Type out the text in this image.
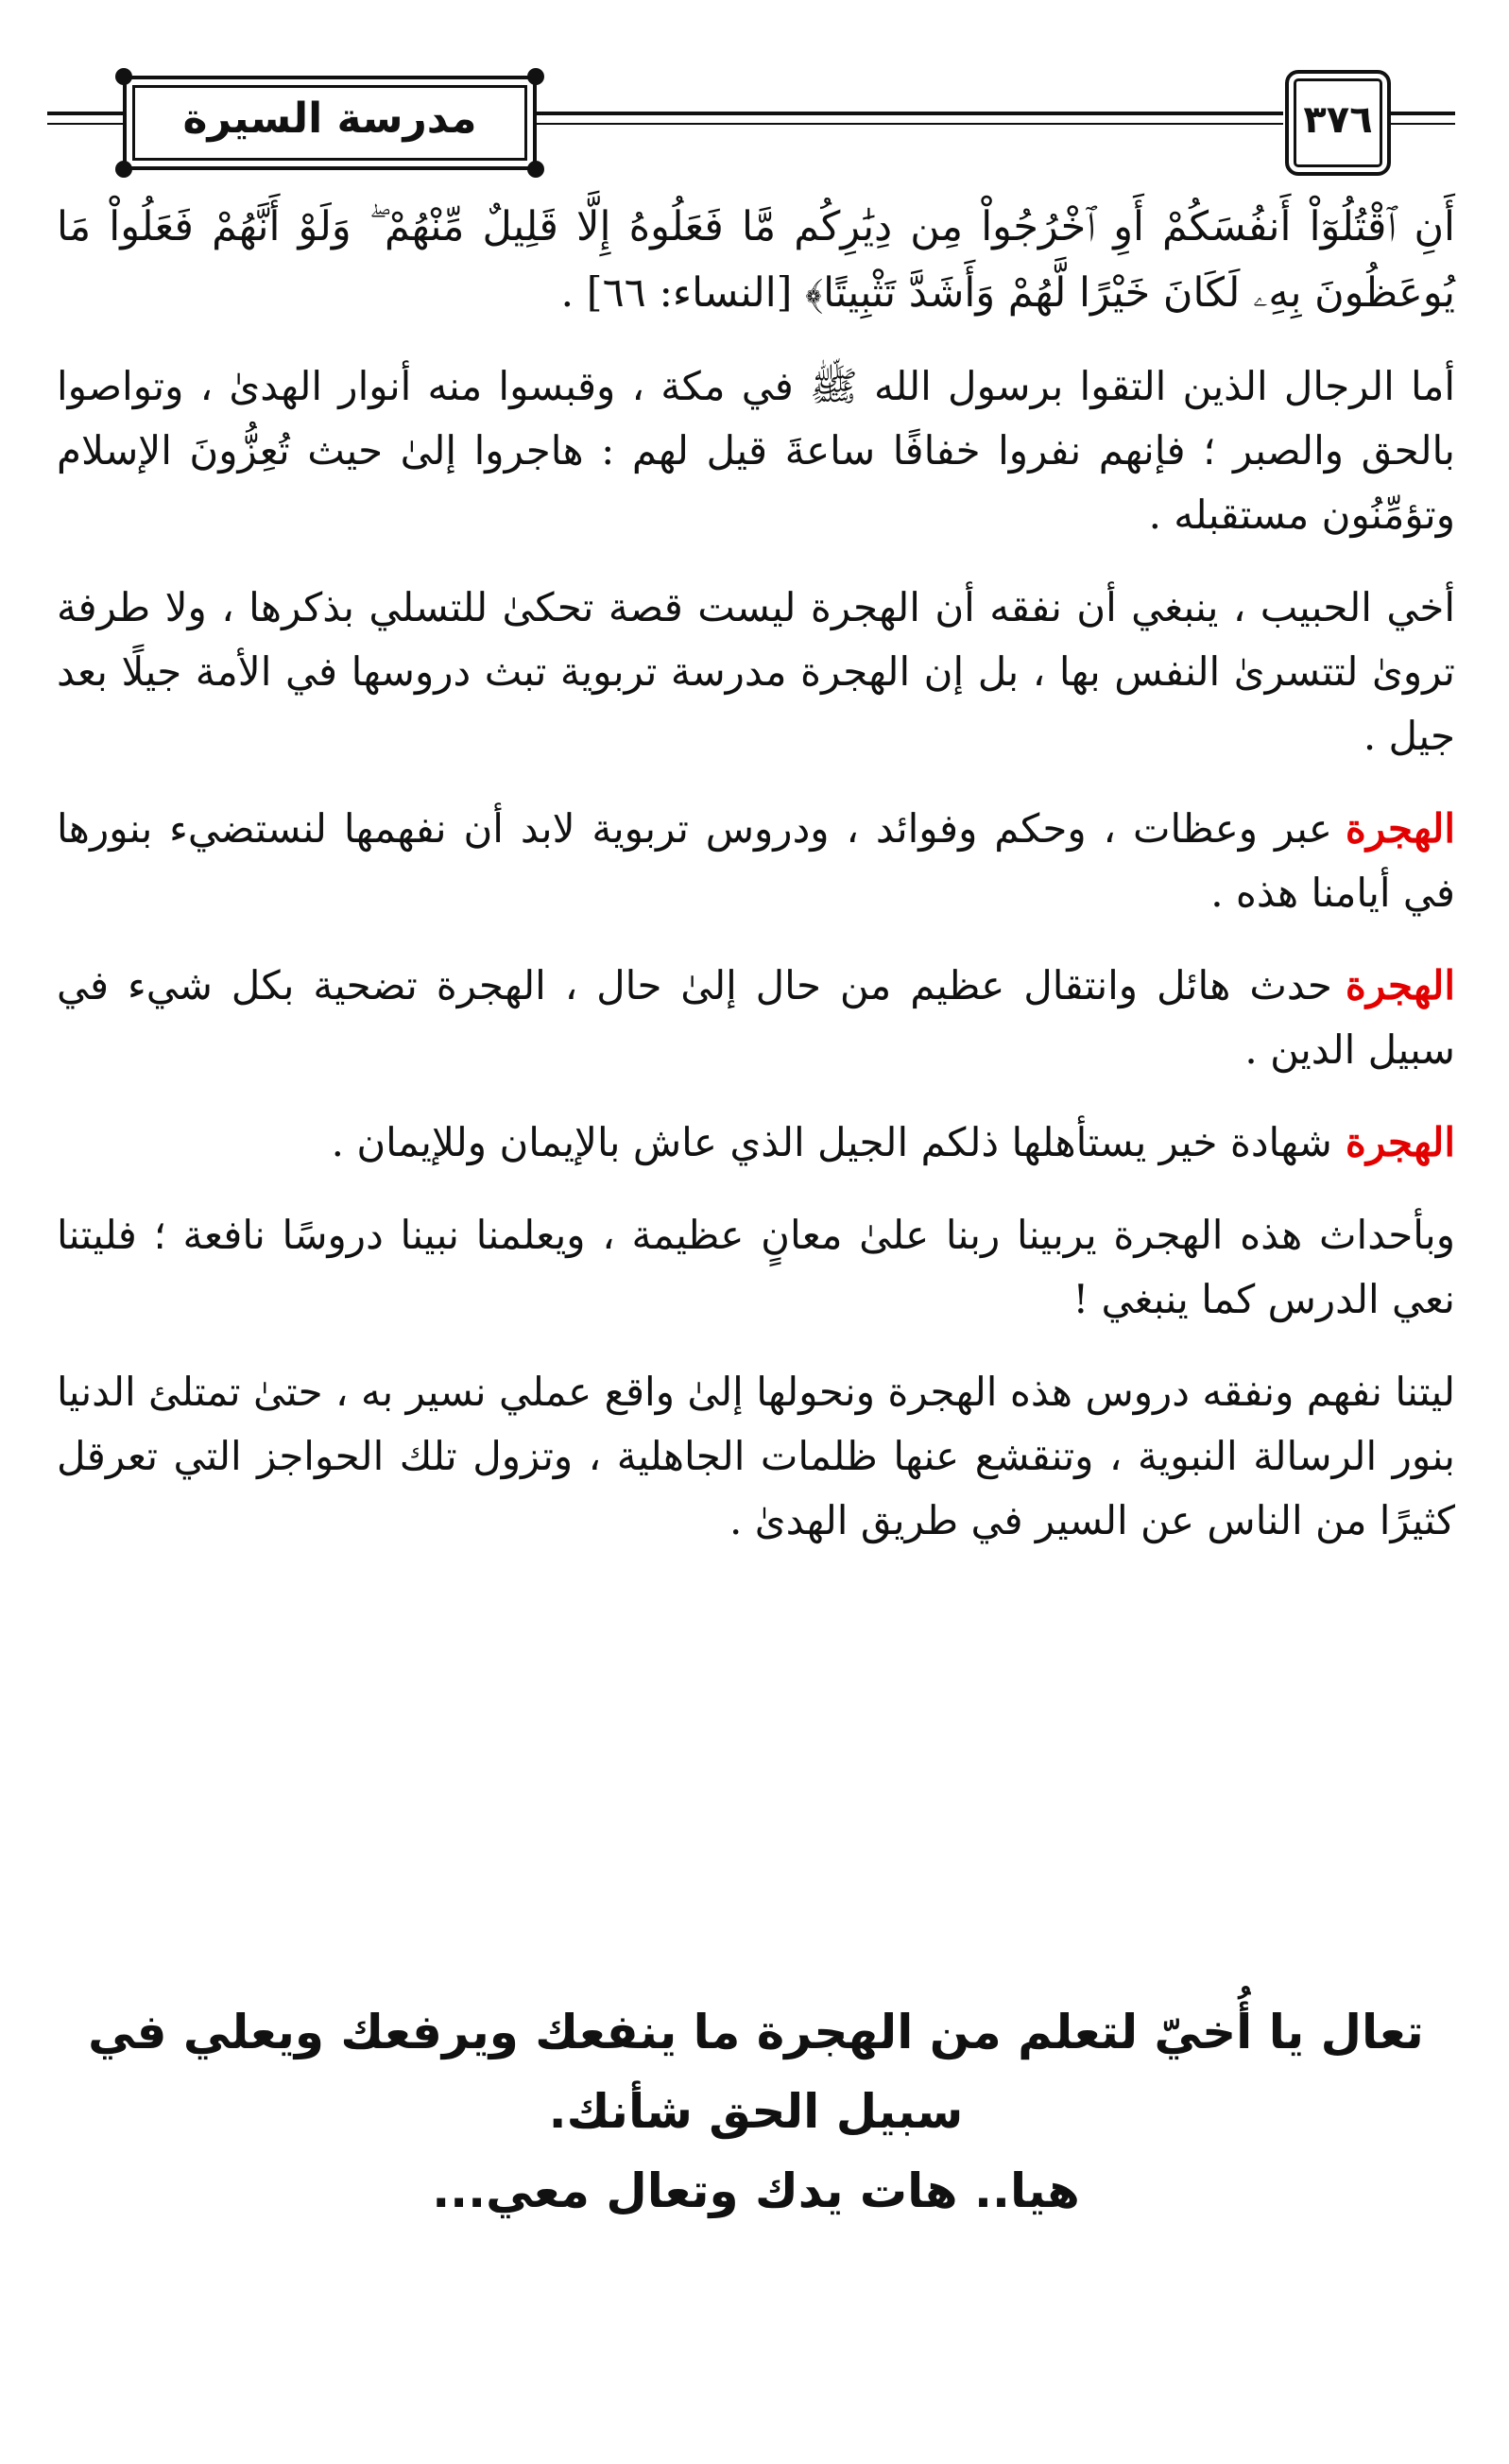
مدرسة السيرة	٣٧٦

أَنِ ٱقْتُلُوٓاْ أَنفُسَكُمْ أَوِ ٱخْرُجُواْ مِن دِيَٰرِكُم مَّا فَعَلُوهُ إِلَّا قَلِيلٌ مِّنْهُمْ ۖ وَلَوْ أَنَّهُمْ فَعَلُواْ مَا يُوعَظُونَ بِهِۦ لَكَانَ خَيْرًا لَّهُمْ وَأَشَدَّ تَثْبِيتًا﴾ [النساء: ٦٦] .

أما الرجال الذين التقوا برسول الله ﷺ في مكة ، وقبسوا منه أنوار الهدىٰ ، وتواصوا بالحق والصبر ؛ فإنهم نفروا خفافًا ساعةَ قيل لهم : هاجروا إلىٰ حيث تُعِزُّونَ الإسلام وتؤمِّنُون مستقبله .

أخي الحبيب ، ينبغي أن نفقه أن الهجرة ليست قصة تحكىٰ للتسلي بذكرها ، ولا طرفة تروىٰ لتتسرىٰ النفس بها ، بل إن الهجرة مدرسة تربوية تبث دروسها في الأمة جيلًا بعد جيل .

الهجرةعبر وعظات ، وحكم وفوائد ، ودروس تربوية لابد أن نفهمها لنستضيء بنورها في أيامنا هذه .

الهجرةحدث هائل وانتقال عظيم من حال إلىٰ حال ، الهجرة تضحية بكل شيء في سبيل الدين .

الهجرةشهادة خير يستأهلها ذلكم الجيل الذي عاش بالإيمان وللإيمان .

وبأحداث هذه الهجرة يربينا ربنا علىٰ معانٍ عظيمة ، ويعلمنا نبينا دروسًا نافعة ؛ فليتنا نعي الدرس كما ينبغي !

ليتنا نفهم ونفقه دروس هذه الهجرة ونحولها إلىٰ واقع عملي نسير به ، حتىٰ تمتلئ الدنيا بنور الرسالة النبوية ، وتنقشع عنها ظلمات الجاهلية ، وتزول تلك الحواجز التي تعرقل كثيرًا من الناس عن السير في طريق الهدىٰ .

تعال يا أُخيّ لتعلم من الهجرة ما ينفعك ويرفعك ويعلي في سبيل الحق شأنك.
هيا.. هات يدك وتعال معي...
